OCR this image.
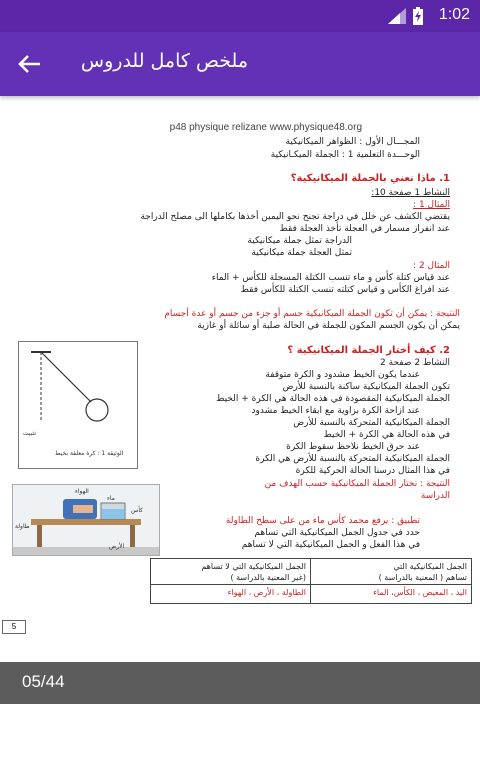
1:02
ملخص كامل للدروس
p48 physique relizane www.physique48.org
المجـــال الأول : الظواهر الميكانيكية
الوحـــدة التعلمية 1 : الجملة الميكـانيكية
1. ماذا نعني بالجملة الميكانيكية؟
النشاط 1 صفحة 10:
المثال 1 :
يقتضي الكشف عن خلل في دراجة تجنح نحو اليمين أخذها بكاملها الى مصلح الدراجة
عند انفراز مسمار في العجلة تأخذ العجلة فقط
الدراجة تمثل جملة ميكانيكية
تمثل العجلة جملة ميكانيكية
المثال 2 :
عند قياس كتلة كأس و ماء تنسب الكتلة المسجلة للكأس + الماء
عند افراغ الكأس و قياس كتلته تنسب الكتلة للكأس فقط
النتيجة : يمكن أن تكون الجملة الميكانيكية جسم أو جزء من جسم أو عدة أجسام
يمكن أن يكون الجسم المكون للجملة في الحالة صلبة أو سائلة أو غازية
2. كيف أختار الجملة الميكانيكية ؟
النشاط 2 صفحة 2
عندما يكون الخيط مشدود و الكرة متوقفة
تكون الجملة الميكانيكية ساكنة بالنسبة للأرض
الجملة الميكانيكية المقصودة في هذه الحالة هي الكرة + الخيط
عند ازاحة الكرة بزاوية مع ابقاء الخيط مشدود
الجملة الميكانيكية المتحركة بالنسبة للأرض
في هذه الحالة هي الكرة + الخيط
عند حرق الخيط نلاحظ سقوط الكرة
الجملة الميكانيكية المتحركة بالنسبة للأرض هي الكرة
في هذا المثال درسنا الحالة الحركية للكرة
النتيجة : نختار الجملة الميكانيكية حسب الهدف من
الدراسة
تثبيت
الوثيقة 1 : كرة معلقة بخيط
الهواء
ماء
كأس
طاولة
الأرض
تطبيق : يرفع محمد كأس ماء من على سطح الطاولة
حدد في جدول الجمل الميكانيكية التي تساهم
في هذا الفعل و الجمل الميكانيكية التي لا تساهم
الجمل الميكانيكية التي لا تساهم
(غير المعنية بالدراسة )
الطاولة ، الأرض ، الهواء
الجمل الميكانيكية التي
تساهم ( المعنية بالدراسة )
اليد ، المغيض ، الكأس، الماء
5
05/44
